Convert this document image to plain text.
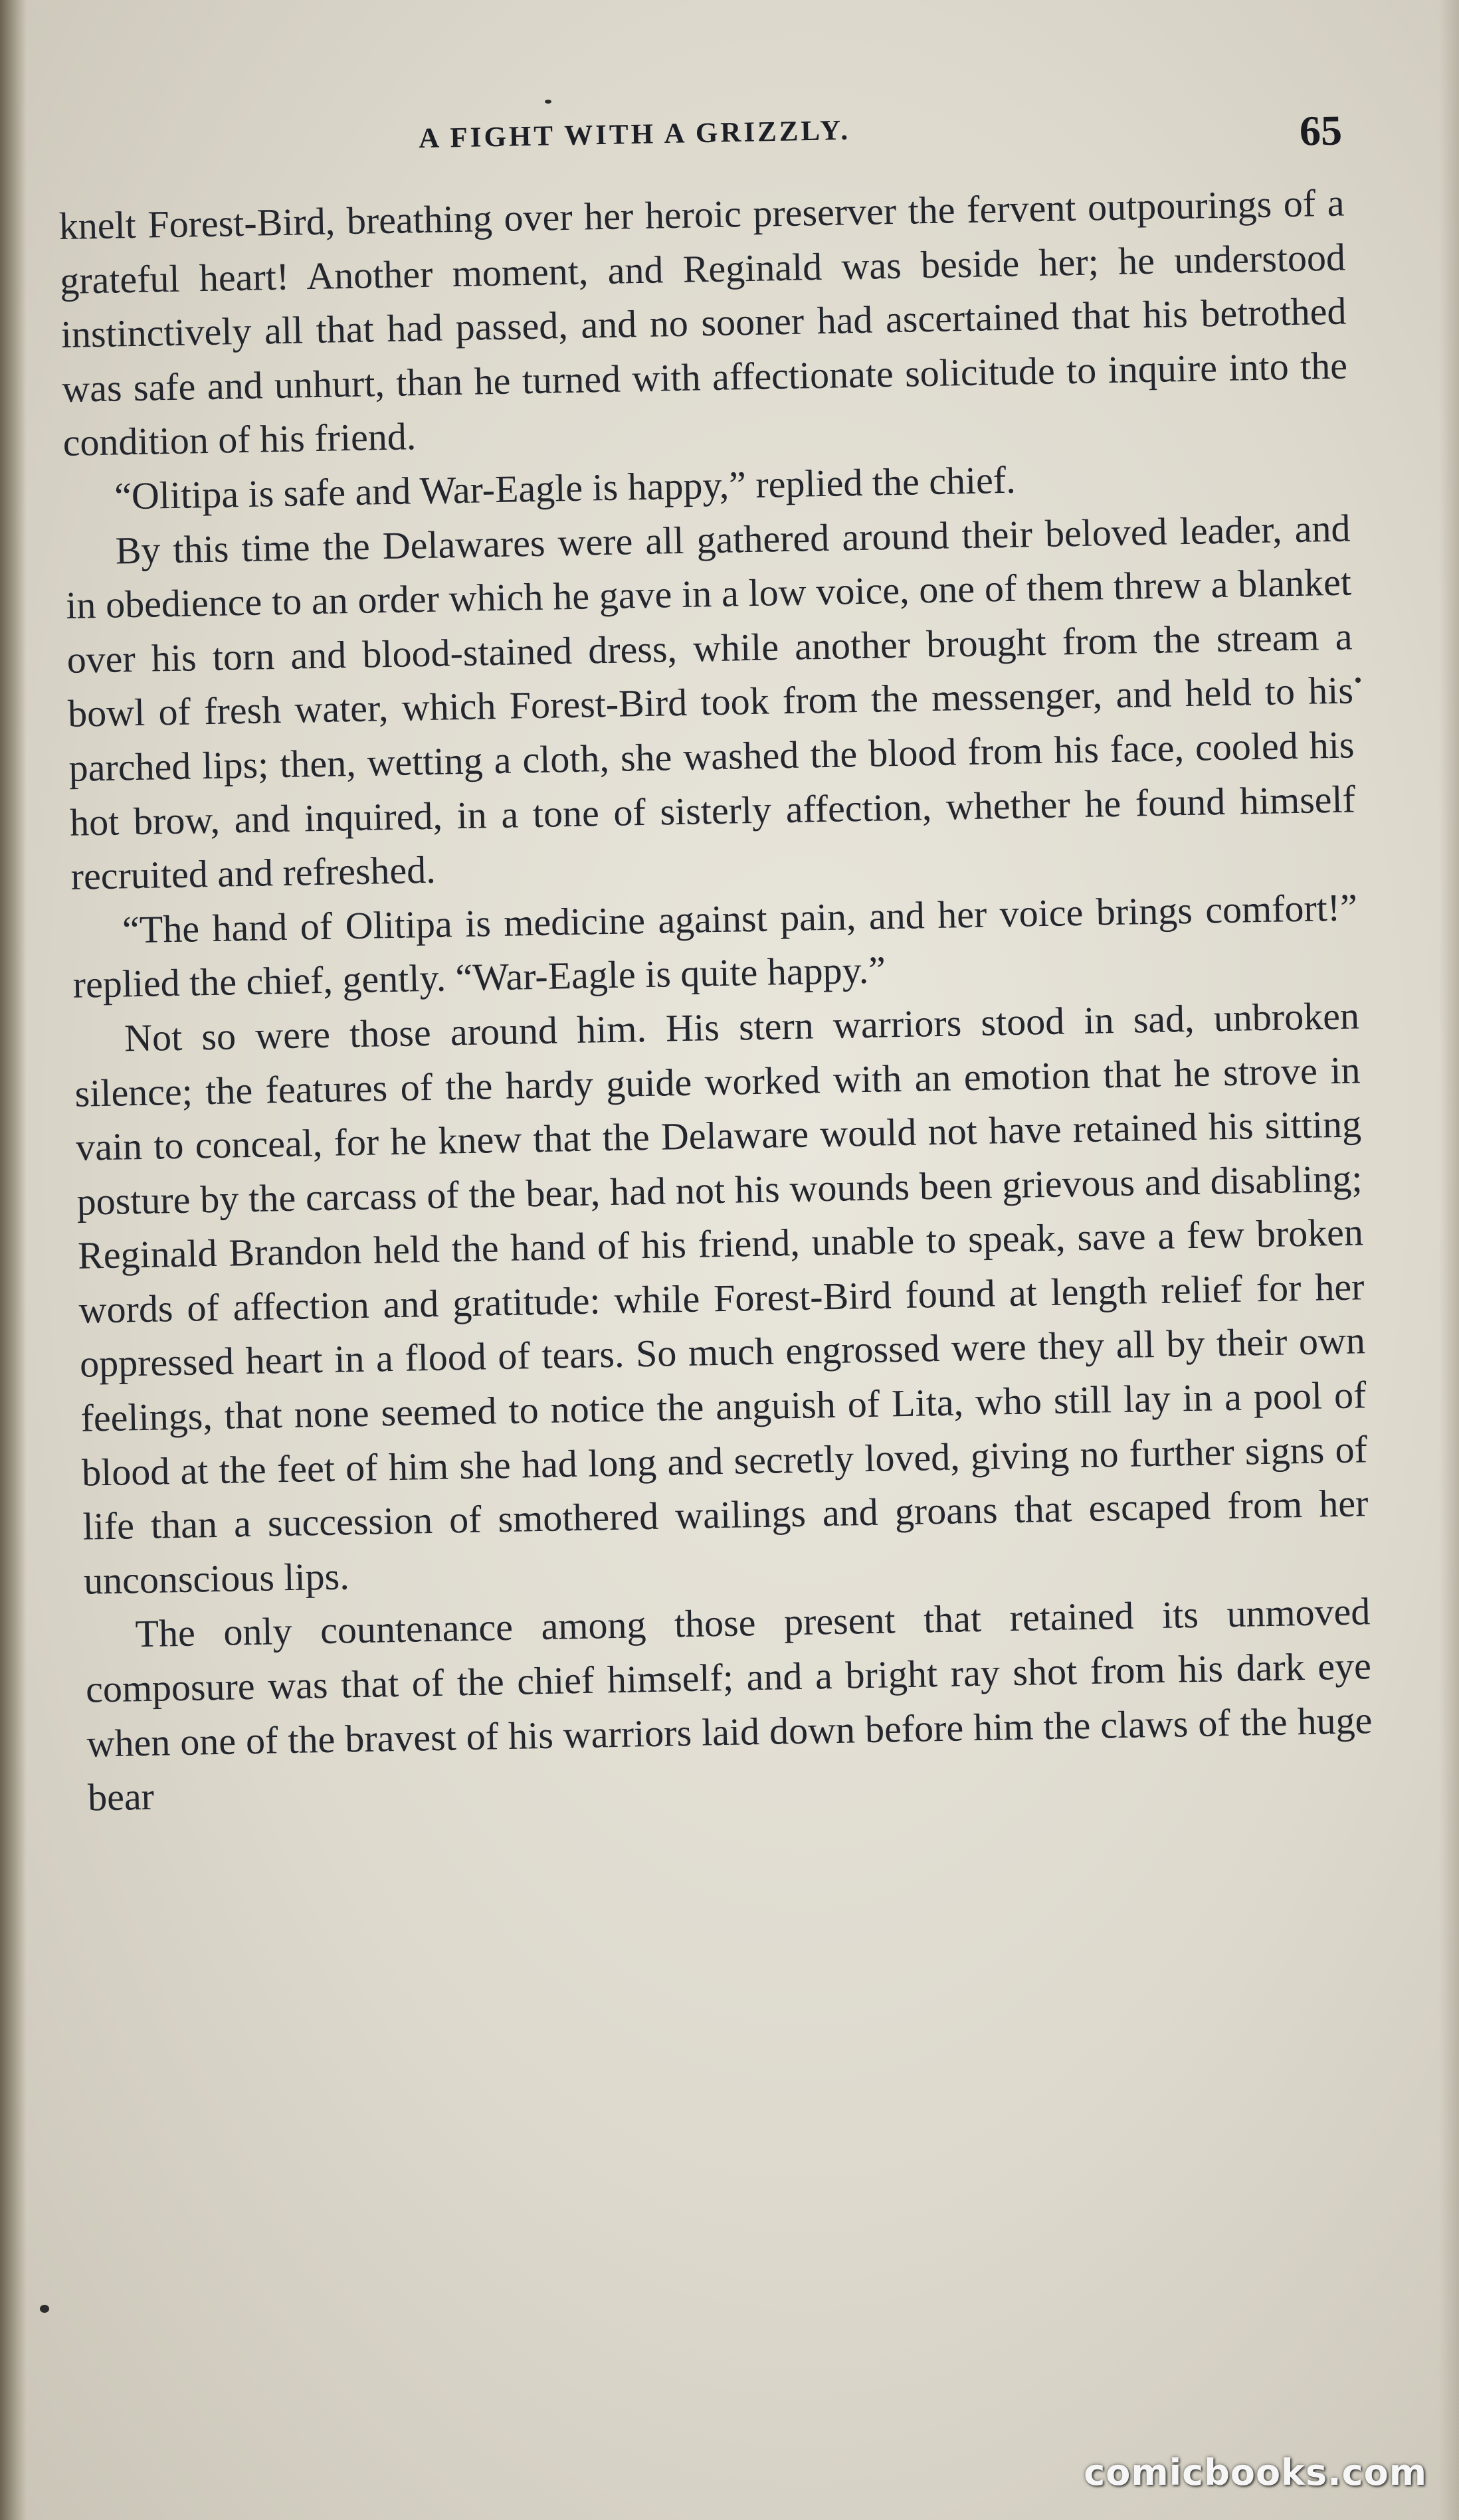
A FIGHT WITH A GRIZZLY.	65

knelt Forest-Bird, breathing over her heroic preserver the fervent outpourings of a grateful heart! Another moment, and Reginald was beside her; he understood instinctively all that had passed, and no sooner had ascertained that his betrothed was safe and unhurt, than he turned with affectionate solicitude to inquire into the condition of his friend.

“Olitipa is safe and War-Eagle is happy,” replied the chief.

By this time the Delawares were all gathered around their beloved leader, and in obedience to an order which he gave in a low voice, one of them threw a blanket over his torn and blood-stained dress, while another brought from the stream a bowl of fresh water, which Forest-Bird took from the messenger, and held to his parched lips; then, wetting a cloth, she washed the blood from his face, cooled his hot brow, and inquired, in a tone of sisterly affection, whether he found himself recruited and refreshed.

“The hand of Olitipa is medicine against pain, and her voice brings comfort!” replied the chief, gently. “War-Eagle is quite happy.”

Not so were those around him. His stern warriors stood in sad, unbroken silence; the features of the hardy guide worked with an emotion that he strove in vain to conceal, for he knew that the Delaware would not have retained his sitting posture by the carcass of the bear, had not his wounds been grievous and disabling; Reginald Brandon held the hand of his friend, unable to speak, save a few broken words of affection and gratitude: while Forest-Bird found at length relief for her oppressed heart in a flood of tears. So much engrossed were they all by their own feelings, that none seemed to notice the anguish of Lita, who still lay in a pool of blood at the feet of him she had long and secretly loved, giving no further signs of life than a succession of smothered wailings and groans that escaped from her unconscious lips.

The only countenance among those present that retained its unmoved composure was that of the chief himself; and a bright ray shot from his dark eye when one of the bravest of his warriors laid down before him the claws of the huge bear

comicbooks.com
